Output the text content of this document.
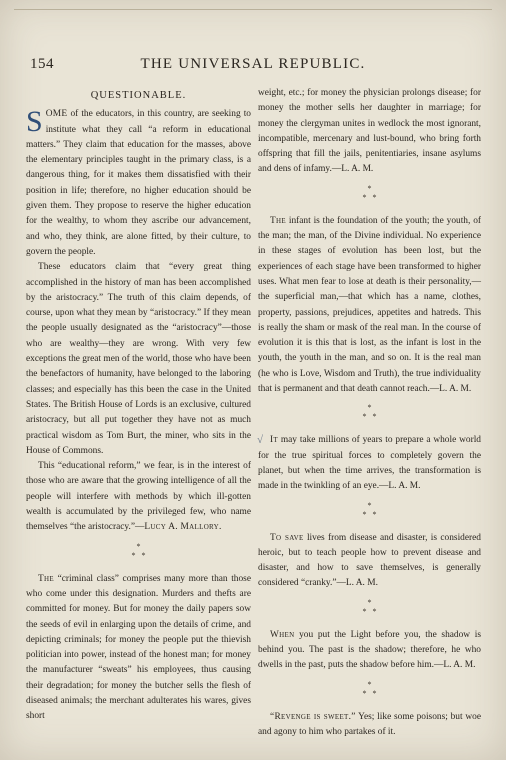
154	THE UNIVERSAL REPUBLIC.
QUESTIONABLE.

SOME of the educators, in this country, are seeking to institute what they call “a reform in educational matters.” They claim that education for the masses, above the elementary principles taught in the primary class, is a dangerous thing, for it makes them dissatisfied with their position in life; therefore, no higher education should be given them. They propose to reserve the higher education for the wealthy, to whom they ascribe our advancement, and who, they think, are alone fitted, by their culture, to govern the people.

These educators claim that “every great thing accomplished in the history of man has been accomplished by the aristocracy.” The truth of this claim depends, of course, upon what they mean by “aristocracy.” If they mean the people usually designated as the “aristocracy”—those who are wealthy—they are wrong. With very few exceptions the great men of the world, those who have been the benefactors of humanity, have belonged to the laboring classes; and especially has this been the case in the United States. The British House of Lords is an exclusive, cultured aristocracy, but all put together they have not as much practical wisdom as Tom Burt, the miner, who sits in the House of Commons.

This “educational reform,” we fear, is in the interest of those who are aware that the growing intelligence of all the people will interfere with methods by which ill-gotten wealth is accumulated by the privileged few, who name themselves “the aristocracy.”—Lucy A. Mallory.

*
*   *

The “criminal class” comprises many more than those who come under this designation. Murders and thefts are committed for money. But for money the daily papers sow the seeds of evil in enlarging upon the details of crime, and depicting criminals; for money the people put the thievish politician into power, instead of the honest man; for money the manufacturer “sweats” his employees, thus causing their degradation; for money the butcher sells the flesh of diseased animals; the merchant adulterates his wares, gives short

weight, etc.; for money the physician prolongs disease; for money the mother sells her daughter in marriage; for money the clergyman unites in wedlock the most ignorant, incompatible, mercenary and lust-bound, who bring forth offspring that fill the jails, penitentiaries, insane asylums and dens of infamy.—L. A. M.

*
*   *

The infant is the foundation of the youth; the youth, of the man; the man, of the Divine individual. No experience in these stages of evolution has been lost, but the experiences of each stage have been transformed to higher uses. What men fear to lose at death is their personality,—the superficial man,—that which has a name, clothes, property, passions, prejudices, appetites and hatreds. This is really the sham or mask of the real man. In the course of evolution it is this that is lost, as the infant is lost in the youth, the youth in the man, and so on. It is the real man (he who is Love, Wisdom and Truth), the true individuality that is permanent and that death cannot reach.—L. A. M.

*
*   *

√ It may take millions of years to prepare a whole world for the true spiritual forces to completely govern the planet, but when the time arrives, the transformation is made in the twinkling of an eye.—L. A. M.

*
*   *

To save lives from disease and disaster, is considered heroic, but to teach people how to prevent disease and disaster, and how to save themselves, is generally considered “cranky.”—L. A. M.

*
*   *

When you put the Light before you, the shadow is behind you. The past is the shadow; therefore, he who dwells in the past, puts the shadow before him.—L. A. M.

*
*   *

“Revenge is sweet.” Yes; like some poisons; but woe and agony to him who partakes of it.
